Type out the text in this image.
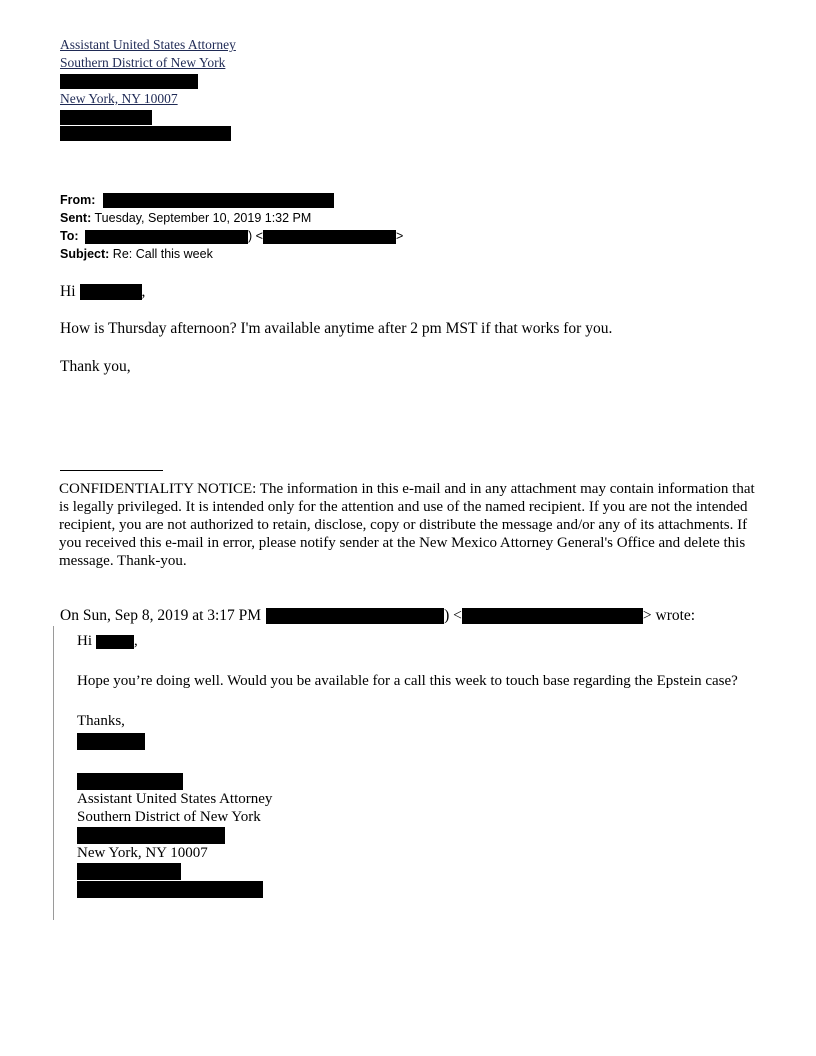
Assistant United States Attorney
Southern District of New York
New York, NY 10007
From:
Sent: Tuesday, September 10, 2019 1:32 PM
To:	) <	>
Subject: Re: Call this week
Hi	,
How is Thursday afternoon? I'm available anytime after 2 pm MST if that works for you.
Thank you,
CONFIDENTIALITY NOTICE: The information in this e-mail and in any attachment may contain information that is legally privileged. It is intended only for the attention and use of the named recipient. If you are not the intended recipient, you are not authorized to retain, disclose, copy or distribute the message and/or any of its attachments. If you received this e-mail in error, please notify sender at the New Mexico Attorney General's Office and delete this message. Thank-you.
On Sun, Sep 8, 2019 at 3:17 PM	) <	> wrote:
Hi	,
Hope you’re doing well. Would you be available for a call this week to touch base regarding the Epstein case?
Thanks,
Assistant United States Attorney
Southern District of New York
New York, NY 10007
